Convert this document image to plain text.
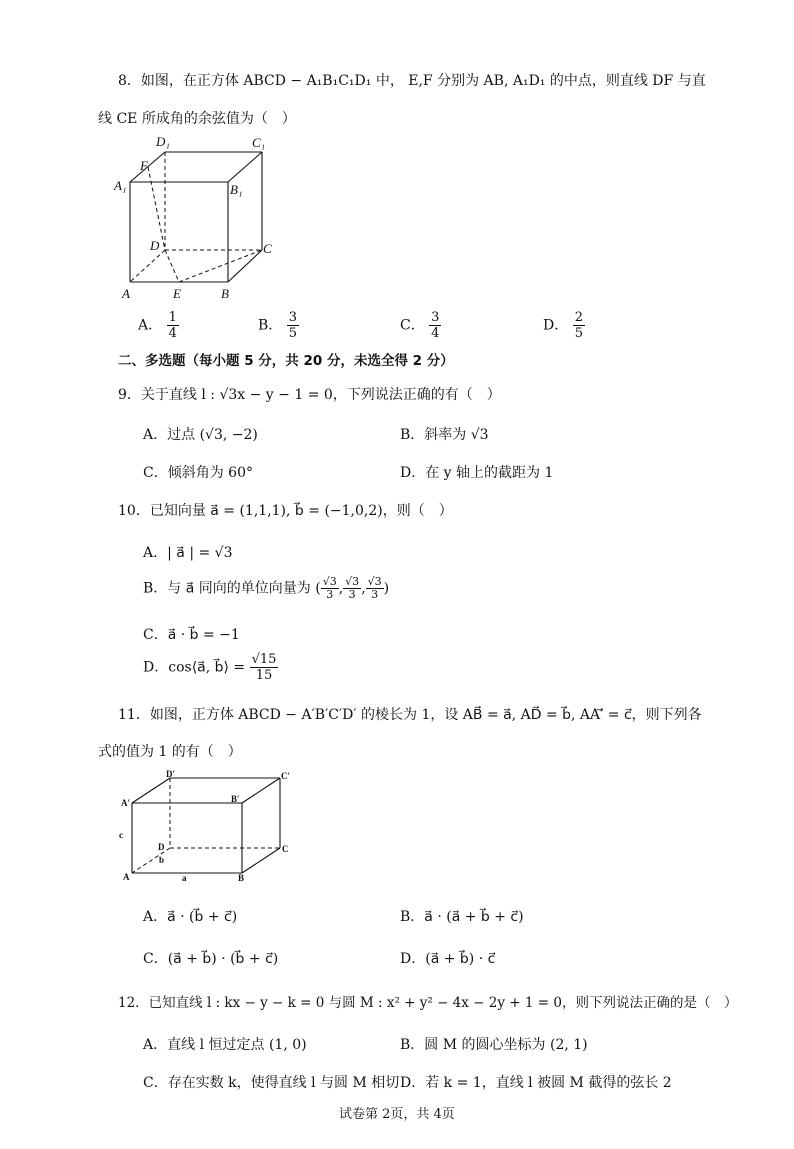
8．如图，在正方体 ABCD − A₁B₁C₁D₁ 中， E,F 分别为 AB, A₁D₁ 的中点，则直线 DF 与直
线 CE 所成角的余弦值为（　）
D₁	C₁
F
A₁	B₁
D	C
A	E	B
A． $\frac{1}{4}$	B． $\frac{3}{5}$	C． $\frac{3}{4}$	D． $\frac{2}{5}$
二、多选题（每小题 5 分，共 20 分，未选全得 2 分）
9．关于直线 l : √3x − y − 1 = 0，下列说法正确的有（　）
A．过点 (√3, −2)	B．斜率为 √3
C．倾斜角为 60°	D．在 y 轴上的截距为 1
10．已知向量 a⃗ = (1,1,1), b⃗ = (−1,0,2)，则（　）
A．| a⃗ | = √3
B．与 a⃗ 同向的单位向量为 ( $\frac{√3}{3}$ , $\frac{√3}{3}$ , $\frac{√3}{3}$ )
C．a⃗ · b⃗ = −1
D．cos⟨a⃗, b⃗⟩ = $\frac{√15}{15}$
11．如图，正方体 ABCD − A′B′C′D′ 的棱长为 1，设 AB⃗ = a⃗, AD⃗ = b⃗, AA′⃗ = c⃗，则下列各
式的值为 1 的有（　）
D′	C′
A′	B′
c⃗
D
b⃗
C
A	a⃗	B
A．a⃗ · (b⃗ + c⃗)	B．a⃗ · (a⃗ + b⃗ + c⃗)
C．(a⃗ + b⃗) · (b⃗ + c⃗)	D．(a⃗ + b⃗) · c⃗
12．已知直线 l : kx − y − k = 0 与圆 M : x² + y² − 4x − 2y + 1 = 0，则下列说法正确的是（　）
A．直线 l 恒过定点 (1, 0)	B．圆 M 的圆心坐标为 (2, 1)
C．存在实数 k，使得直线 l 与圆 M 相切 D．若 k = 1，直线 l 被圆 M 截得的弦长 2
试卷第 2页，共 4页
